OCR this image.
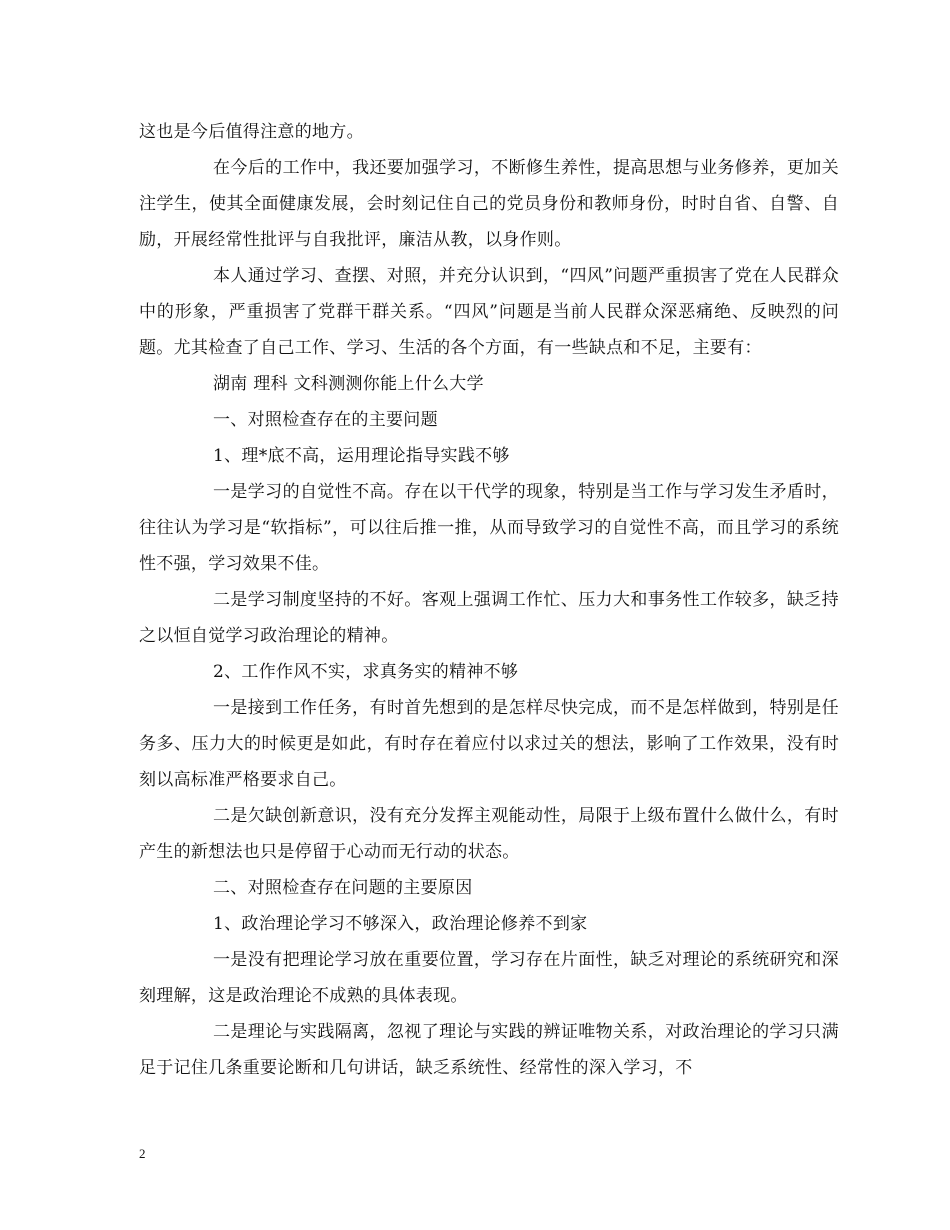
这也是今后值得注意的地方。

在今后的工作中，我还要加强学习，不断修生养性，提高思想与业务修养，更加关注学生，使其全面健康发展，会时刻记住自己的党员身份和教师身份，时时自省、自警、自励，开展经常性批评与自我批评，廉洁从教，以身作则。

本人通过学习、查摆、对照，并充分认识到，“四风”问题严重损害了党在人民群众中的形象，严重损害了党群干群关系。“四风”问题是当前人民群众深恶痛绝、反映烈的问题。尤其检查了自己工作、学习、生活的各个方面，有一些缺点和不足，主要有：

湖南 理科 文科测测你能上什么大学

一、对照检查存在的主要问题

1、理*底不高，运用理论指导实践不够

一是学习的自觉性不高。存在以干代学的现象，特别是当工作与学习发生矛盾时，往往认为学习是“软指标”，可以往后推一推，从而导致学习的自觉性不高，而且学习的系统性不强，学习效果不佳。

二是学习制度坚持的不好。客观上强调工作忙、压力大和事务性工作较多，缺乏持之以恒自觉学习政治理论的精神。

2、工作作风不实，求真务实的精神不够

一是接到工作任务，有时首先想到的是怎样尽快完成，而不是怎样做到，特别是任务多、压力大的时候更是如此，有时存在着应付以求过关的想法，影响了工作效果，没有时刻以高标准严格要求自己。

二是欠缺创新意识，没有充分发挥主观能动性，局限于上级布置什么做什么，有时产生的新想法也只是停留于心动而无行动的状态。

二、对照检查存在问题的主要原因

1、政治理论学习不够深入，政治理论修养不到家

一是没有把理论学习放在重要位置，学习存在片面性，缺乏对理论的系统研究和深刻理解，这是政治理论不成熟的具体表现。

二是理论与实践隔离，忽视了理论与实践的辨证唯物关系，对政治理论的学习只满足于记住几条重要论断和几句讲话，缺乏系统性、经常性的深入学习，不

2
